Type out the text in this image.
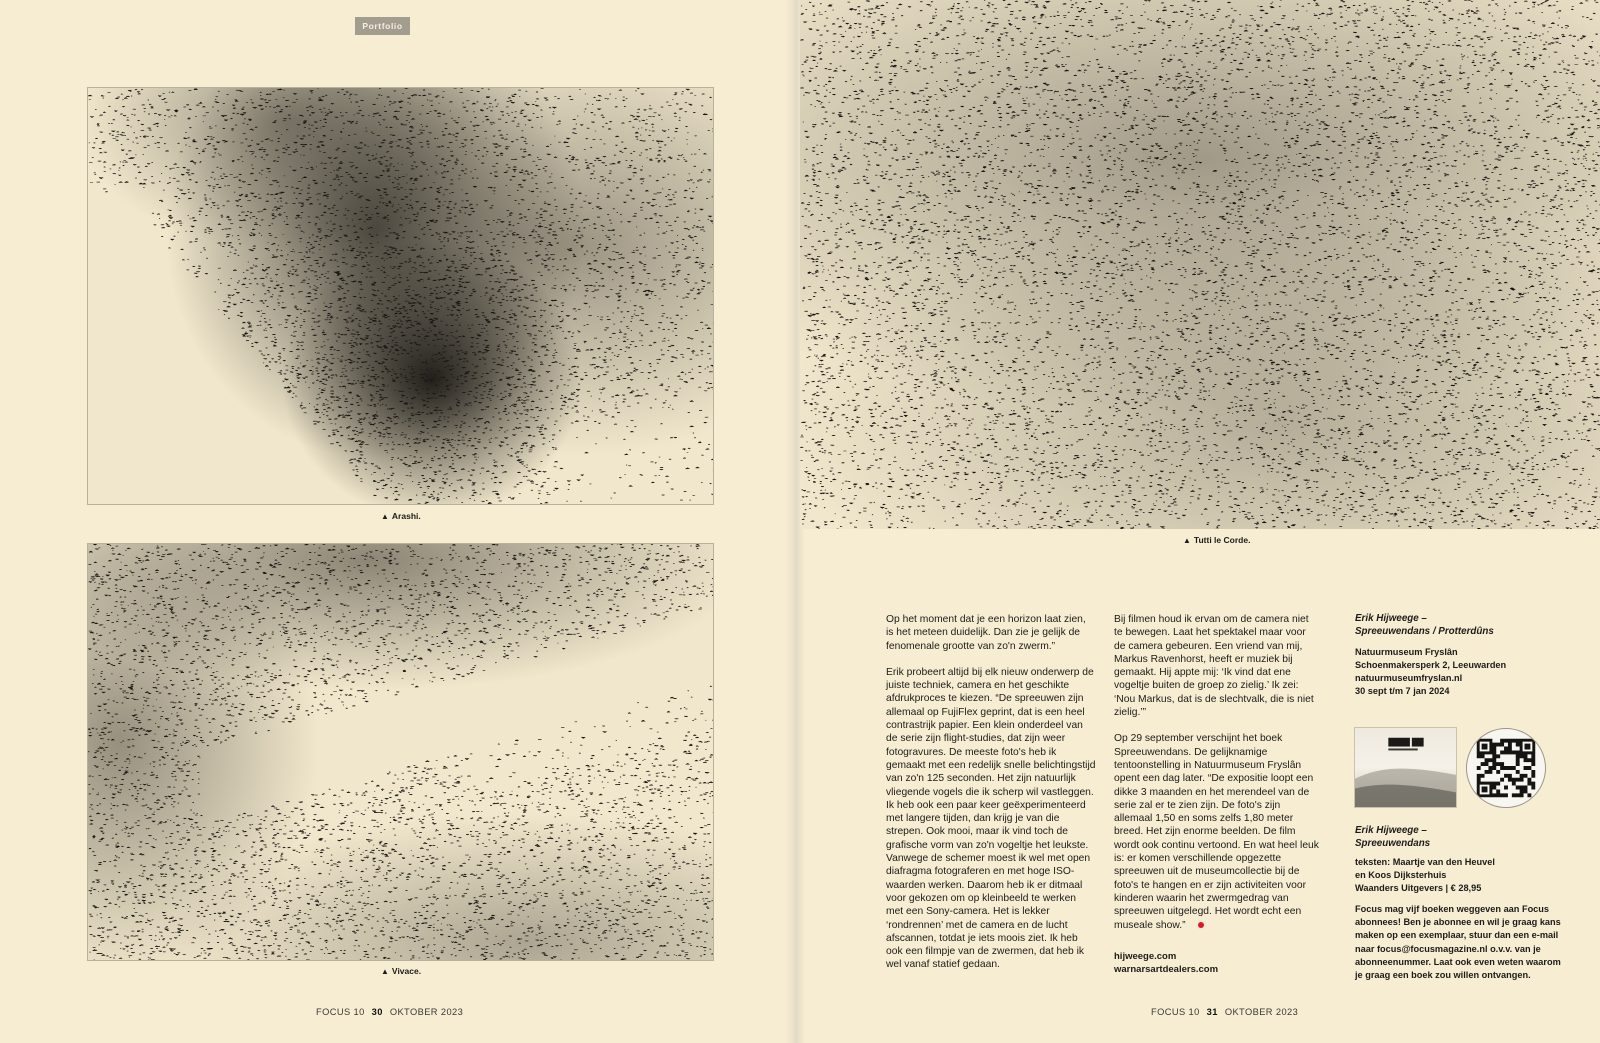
Portfolio
▲ Arashi.
▲ Vivace.
▲ Tutti le Corde.

Op het moment dat je een horizon laat zien, is het meteen duidelijk. Dan zie je gelijk de fenomenale grootte van zo'n zwerm.”

Erik probeert altijd bij elk nieuw onderwerp de juiste techniek, camera en het geschikte afdrukproces te kiezen. “De spreeuwen zijn allemaal op FujiFlex geprint, dat is een heel contrastrijk papier. Een klein onderdeel van de serie zijn flight-studies, dat zijn weer fotogravures. De meeste foto's heb ik gemaakt met een redelijk snelle belichtingstijd van zo'n 125 seconden. Het zijn natuurlijk vliegende vogels die ik scherp wil vastleggen. Ik heb ook een paar keer geëxperimenteerd met langere tijden, dan krijg je van die strepen. Ook mooi, maar ik vind toch de grafische vorm van zo'n vogeltje het leukste. Vanwege de schemer moest ik wel met open diafragma fotograferen en met hoge ISO-waarden werken. Daarom heb ik er ditmaal voor gekozen om op kleinbeeld te werken met een Sony-camera. Het is lekker ‘rondrennen’ met de camera en de lucht afscannen, totdat je iets moois ziet. Ik heb ook een filmpje van de zwermen, dat heb ik wel vanaf statief gedaan.

Bij filmen houd ik ervan om de camera niet te bewegen. Laat het spektakel maar voor de camera gebeuren. Een vriend van mij, Markus Ravenhorst, heeft er muziek bij gemaakt. Hij appte mij: ‘Ik vind dat ene vogeltje buiten de groep zo zielig.’ Ik zei: ‘Nou Markus, dat is de slechtvalk, die is niet zielig.’”

Op 29 september verschijnt het boek Spreeuwendans. De gelijknamige tentoonstelling in Natuurmuseum Fryslân opent een dag later. “De expositie loopt een dikke 3 maanden en het merendeel van de serie zal er te zien zijn. De foto's zijn allemaal 1,50 en soms zelfs 1,80 meter breed. Het zijn enorme beelden. De film wordt ook continu vertoond. En wat heel leuk is: er komen verschillende opgezette spreeuwen uit de museumcollectie bij de foto's te hangen en er zijn activiteiten voor kinderen waarin het zwermgedrag van spreeuwen uitgelegd. Het wordt echt een museale show.”

hijweege.com
warnarsartdealers.com
Erik Hijweege –
Spreeuwendans / Protterdûns
Natuurmuseum Fryslân
Schoenmakersperk 2, Leeuwarden
natuurmuseumfryslan.nl
30 sept t/m 7 jan 2024
Erik Hijweege –
Spreeuwendans
teksten: Maartje van den Heuvel
en Koos Dijksterhuis
Waanders Uitgevers | € 28,95
Focus mag vijf boeken weggeven aan Focus abonnees! Ben je abonnee en wil je graag kans maken op een exemplaar, stuur dan een e-mail naar focus@focusmagazine.nl o.v.v. van je abonneenummer. Laat ook even weten waarom je graag een boek zou willen ontvangen.
FOCUS 10 30 OKTOBER 2023	FOCUS 10 31 OKTOBER 2023
